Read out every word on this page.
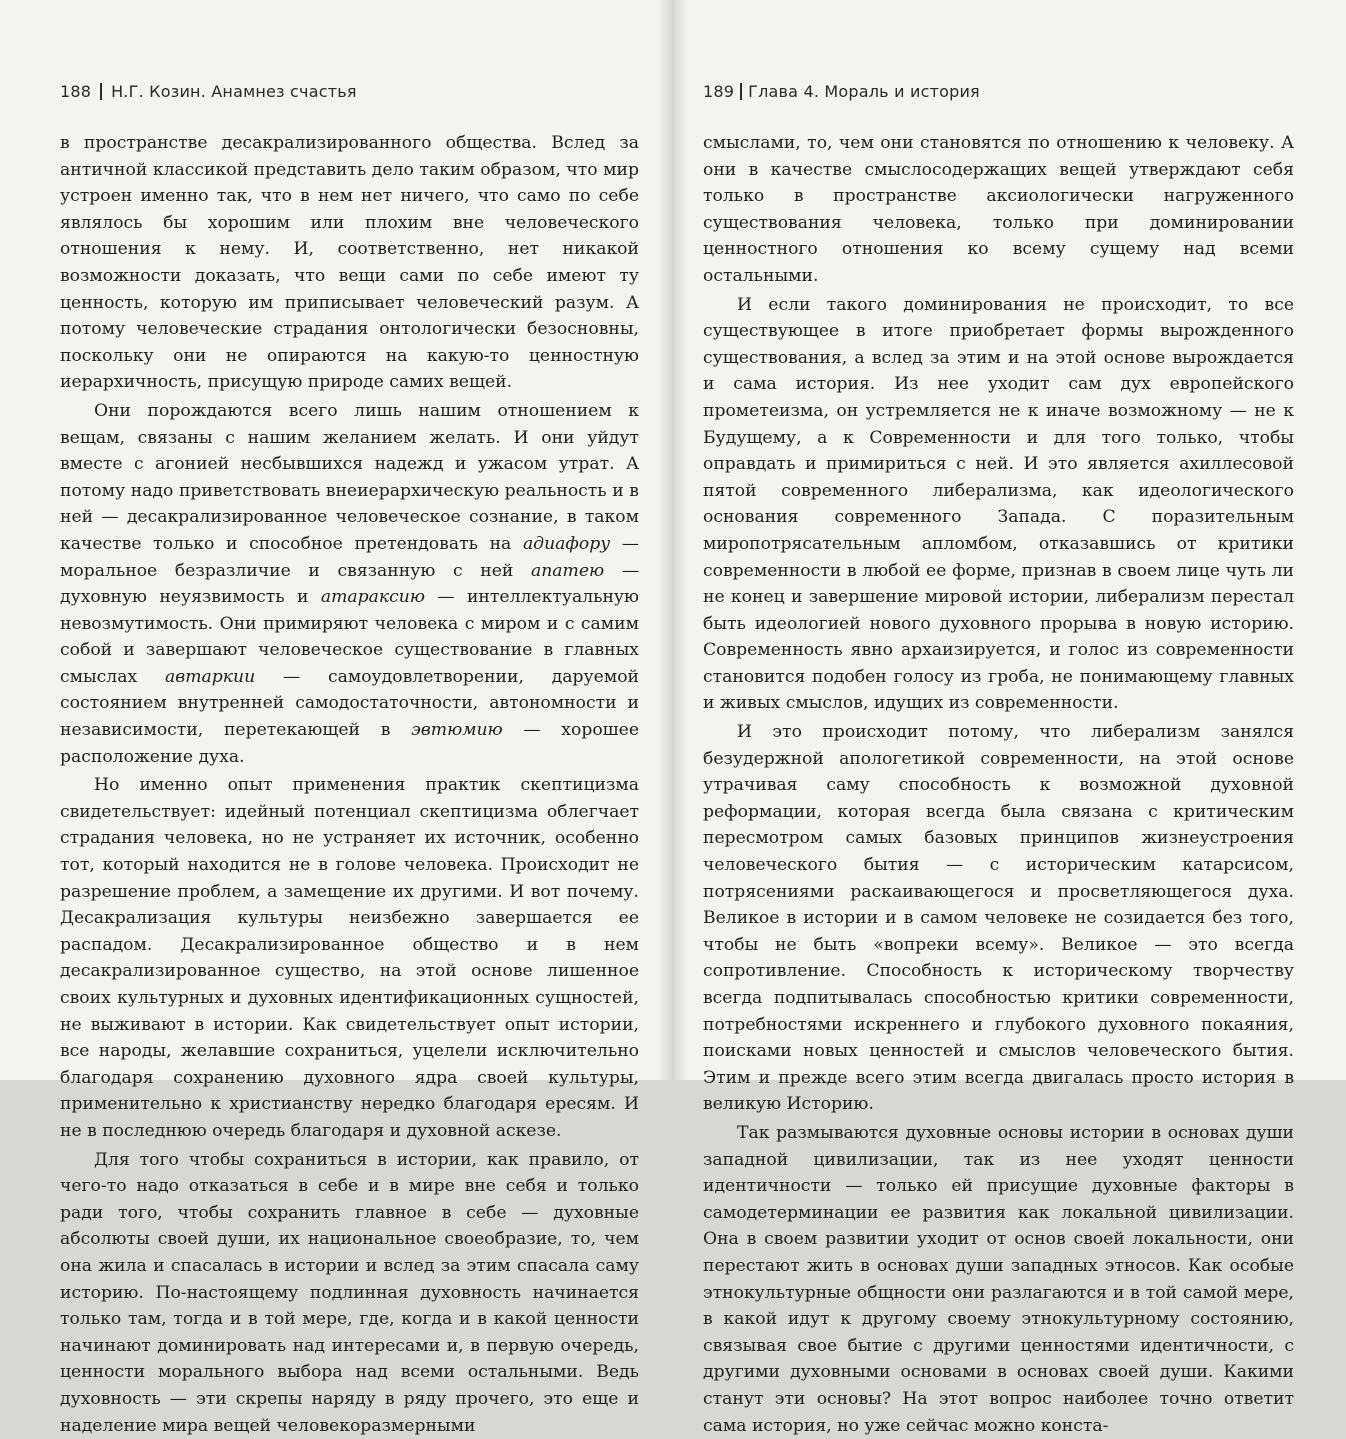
188 Н.Г. Козин. Анамнез счастья

в пространстве десакрализированного общества. Вслед за античной классикой представить дело таким образом, что мир устроен именно так, что в нем нет ничего, что само по себе являлось бы хорошим или плохим вне человеческого отношения к нему. И, соответственно, нет никакой возможности доказать, что вещи сами по себе имеют ту ценность, которую им приписывает человеческий разум. А потому человеческие страдания онтологически безосновны, поскольку они не опираются на какую-то ценностную иерархичность, присущую природе самих вещей.

Они порождаются всего лишь нашим отношением к вещам, связаны с нашим желанием желать. И они уйдут вместе с агонией несбывшихся надежд и ужасом утрат. А потому надо приветствовать внеиерархическую реальность и в ней — десакрализированное человеческое сознание, в таком качестве только и способное претендовать на адиафору — моральное безразличие и связанную с ней апатею — духовную неуязвимость и атараксию — интеллектуальную невозмутимость. Они примиряют человека с миром и с самим собой и завершают человеческое существование в главных смыслах автаркии — самоудовлетворении, даруемой состоянием внутренней самодостаточности, автономности и независимости, перетекающей в эвтюмию — хорошее расположение духа.

Но именно опыт применения практик скептицизма свидетельствует: идейный потенциал скептицизма облегчает страдания человека, но не устраняет их источник, особенно тот, который находится не в голове человека. Происходит не разрешение проблем, а замещение их другими. И вот почему. Десакрализация культуры неизбежно завершается ее распадом. Десакрализированное общество и в нем десакрализированное существо, на этой основе лишенное своих культурных и духовных идентификационных сущностей, не выживают в истории. Как свидетельствует опыт истории, все народы, желавшие сохраниться, уцелели исключительно благодаря сохранению духовного ядра своей культуры, применительно к христианству нередко благодаря ересям. И не в последнюю очередь благодаря и духовной аскезе.

Для того чтобы сохраниться в истории, как правило, от чего-то надо отказаться в себе и в мире вне себя и только ради того, чтобы сохранить главное в себе — духовные абсолюты своей души, их национальное своеобразие, то, чем она жила и спасалась в истории и вслед за этим спасала саму историю. По-настоящему подлинная духовность начинается только там, тогда и в той мере, где, когда и в какой ценности начинают доминировать над интересами и, в первую очередь, ценности морального выбора над всеми остальными. Ведь духовность — эти скрепы наряду в ряду прочего, это еще и наделение мира вещей человекоразмерными

189 Глава 4. Мораль и история

смыслами, то, чем они становятся по отношению к человеку. А они в качестве смыслосодержащих вещей утверждают себя только в пространстве аксиологически нагруженного существования человека, только при доминировании ценностного отношения ко всему сущему над всеми остальными.

И если такого доминирования не происходит, то все существующее в итоге приобретает формы вырожденного существования, а вслед за этим и на этой основе вырождается и сама история. Из нее уходит сам дух европейского прометеизма, он устремляется не к иначе возможному — не к Будущему, а к Современности и для того только, чтобы оправдать и примириться с ней. И это является ахиллесовой пятой современного либерализма, как идеологического основания современного Запада. С поразительным миропотрясательным апломбом, отказавшись от критики современности в любой ее форме, признав в своем лице чуть ли не конец и завершение мировой истории, либерализм перестал быть идеологией нового духовного прорыва в новую историю. Современность явно архаизируется, и голос из современности становится подобен голосу из гроба, не понимающему главных и живых смыслов, идущих из современности.

И это происходит потому, что либерализм занялся безудержной апологетикой современности, на этой основе утрачивая саму способность к возможной духовной реформации, которая всегда была связана с критическим пересмотром самых базовых принципов жизнеустроения человеческого бытия — с историческим катарсисом, потрясениями раскаивающегося и просветляющегося духа. Великое в истории и в самом человеке не созидается без того, чтобы не быть «вопреки всему». Великое — это всегда сопротивление. Способность к историческому творчеству всегда подпитывалась способностью критики современности, потребностями искреннего и глубокого духовного покаяния, поисками новых ценностей и смыслов человеческого бытия. Этим и прежде всего этим всегда двигалась просто история в великую Историю.

Так размываются духовные основы истории в основах души западной цивилизации, так из нее уходят ценности идентичности — только ей присущие духовные факторы в самодетерминации ее развития как локальной цивилизации. Она в своем развитии уходит от основ своей локальности, они перестают жить в основах души западных этносов. Как особые этнокультурные общности они разлагаются и в той самой мере, в какой идут к другому своему этнокультурному состоянию, связывая свое бытие с другими ценностями идентичности, с другими духовными основами в основах своей души. Какими станут эти основы? На этот вопрос наиболее точно ответит сама история, но уже сейчас можно конста-
